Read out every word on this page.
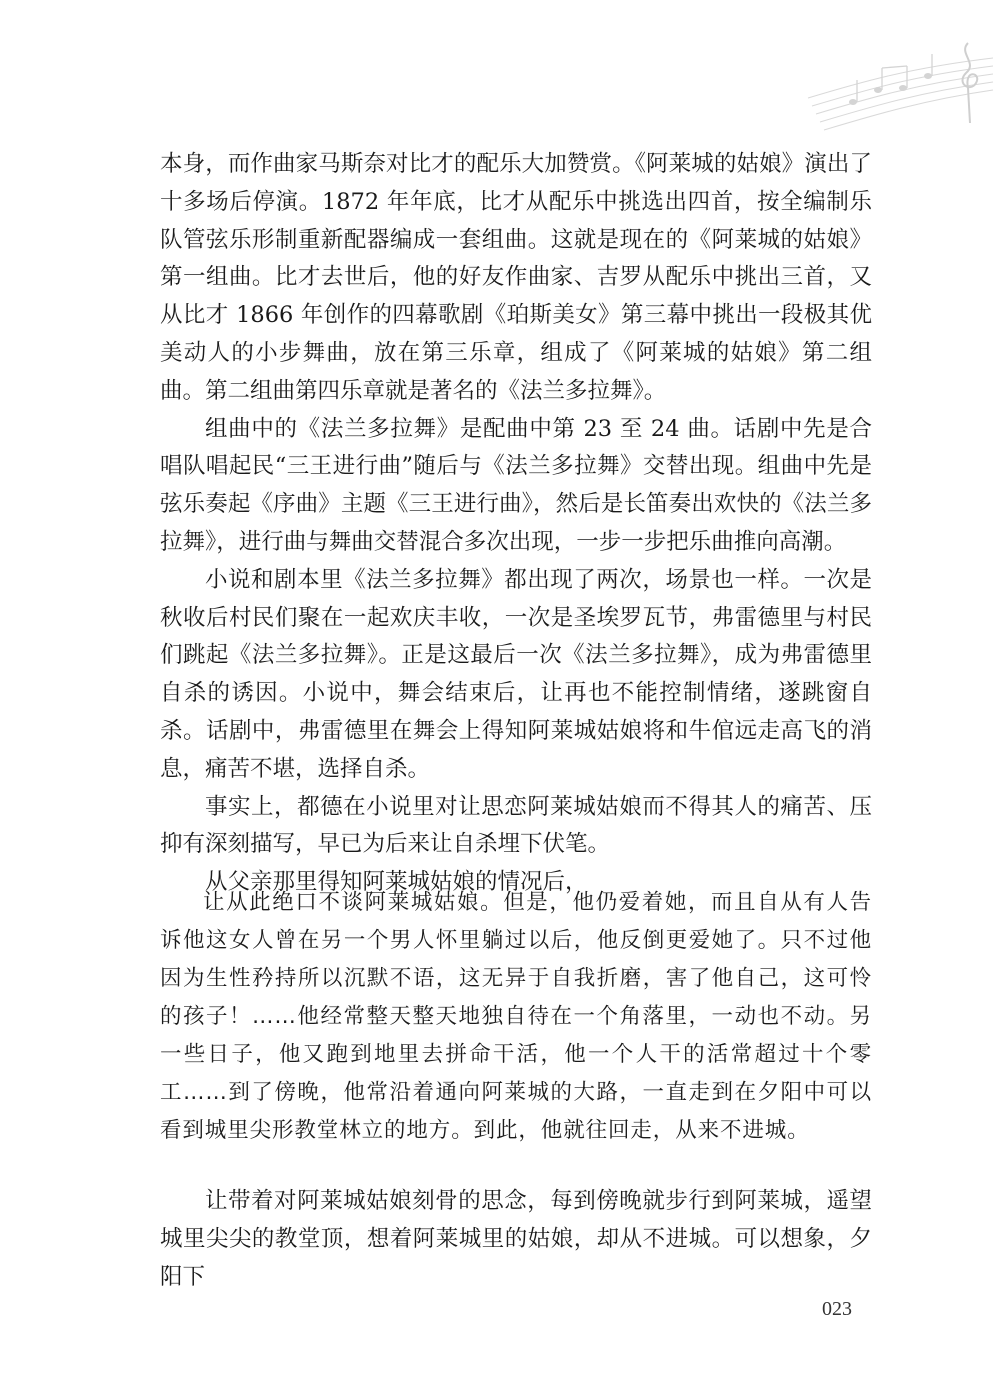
本身，而作曲家马斯奈对比才的配乐大加赞赏。《阿莱城的姑娘》演出了十多场后停演。1872 年年底，比才从配乐中挑选出四首，按全编制乐队管弦乐形制重新配器编成一套组曲。这就是现在的《阿莱城的姑娘》第一组曲。比才去世后，他的好友作曲家、吉罗从配乐中挑出三首，又从比才 1866 年创作的四幕歌剧《珀斯美女》第三幕中挑出一段极其优美动人的小步舞曲，放在第三乐章，组成了《阿莱城的姑娘》第二组曲。第二组曲第四乐章就是著名的《法兰多拉舞》。

组曲中的《法兰多拉舞》是配曲中第 23 至 24 曲。话剧中先是合唱队唱起民“三王进行曲”随后与《法兰多拉舞》交替出现。组曲中先是弦乐奏起《序曲》主题《三王进行曲》，然后是长笛奏出欢快的《法兰多拉舞》，进行曲与舞曲交替混合多次出现，一步一步把乐曲推向高潮。

小说和剧本里《法兰多拉舞》都出现了两次，场景也一样。一次是秋收后村民们聚在一起欢庆丰收，一次是圣埃罗瓦节，弗雷德里与村民们跳起《法兰多拉舞》。正是这最后一次《法兰多拉舞》，成为弗雷德里自杀的诱因。小说中，舞会结束后，让再也不能控制情绪，遂跳窗自杀。话剧中，弗雷德里在舞会上得知阿莱城姑娘将和牛倌远走高飞的消息，痛苦不堪，选择自杀。

事实上，都德在小说里对让思恋阿莱城姑娘而不得其人的痛苦、压抑有深刻描写，早已为后来让自杀埋下伏笔。

从父亲那里得知阿莱城姑娘的情况后，

让从此绝口不谈阿莱城姑娘。但是，他仍爱着她，而且自从有人告诉他这女人曾在另一个男人怀里躺过以后，他反倒更爱她了。只不过他因为生性矜持所以沉默不语，这无异于自我折磨，害了他自己，这可怜的孩子！……他经常整天整天地独自待在一个角落里，一动也不动。另一些日子，他又跑到地里去拼命干活，他一个人干的活常超过十个零工……到了傍晚，他常沿着通向阿莱城的大路，一直走到在夕阳中可以看到城里尖形教堂林立的地方。到此，他就往回走，从来不进城。

让带着对阿莱城姑娘刻骨的思念，每到傍晚就步行到阿莱城，遥望城里尖尖的教堂顶，想着阿莱城里的姑娘，却从不进城。可以想象，夕阳下

023
